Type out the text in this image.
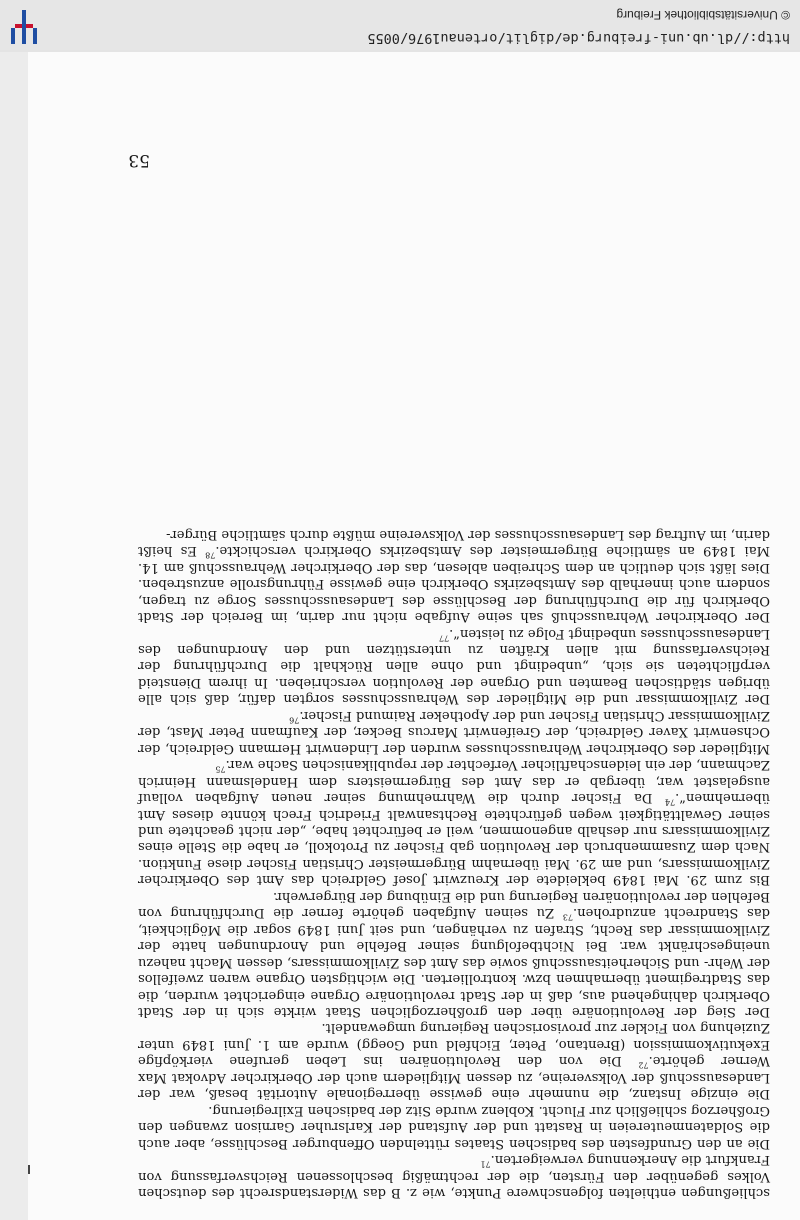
http://dl.ub.uni-freiburg.de/diglit/ortenau1976/0055
© Universitätsbibliothek Freiburg
53

schließungen enthielten folgenschwere Punkte, wie z. B das Widerstandsrecht des deutschen Volkes gegenüber den Fürsten, die der rechtmäßig beschlossenen Reichsverfassung von Frankfurt die Anerkennung verweigerten.$^{71}$

Die an den Grundfesten des badischen Staates rüttelnden Offenburger Beschlüsse, aber auch die Soldatenmeutereien in Rastatt und der Aufstand der Karlsruher Garnison zwangen den Großherzog schließlich zur Flucht. Koblenz wurde Sitz der badischen Exilregierung.

Die einzige Instanz, die nunmehr eine gewisse überregionale Autorität besaß, war der Landesausschuß der Volksvereine, zu dessen Mitgliedern auch der Oberkircher Advokat Max Werner gehörte.$^{72}$ Die von den Revolutionären ins Leben gerufene vierköpfige Exekutivkommission (Brentano, Peter, Eichfeld und Goegg) wurde am 1. Juni 1849 unter Zuziehung von Fickler zur provisorischen Regierung umgewandelt.

Der Sieg der Revolutionäre über den großherzoglichen Staat wirkte sich in der Stadt Oberkirch dahingehend aus, daß in der Stadt revolutionäre Organe eingerichtet wurden, die das Stadtregiment übernahmen bzw. kontrollierten. Die wichtigsten Organe waren zweifellos der Wehr- und Sicherheitsausschuß sowie das Amt des Zivilkommissars, dessen Macht nahezu uneingeschränkt war. Bei Nichtbefolgung seiner Befehle und Anordnungen hatte der Zivilkommissar das Recht, Strafen zu verhängen, und seit Juni 1849 sogar die Möglichkeit, das Standrecht anzudrohen.$^{73}$ Zu seinen Aufgaben gehörte ferner die Durchführung von Befehlen der revolutionären Regierung und die Einübung der Bürgerwehr.

Bis zum 29. Mai 1849 bekleidete der Kreuzwirt Josef Geldreich das Amt des Oberkircher Zivilkommissars, und am 29. Mai übernahm Bürgermeister Christian Fischer diese Funktion. Nach dem Zusammenbruch der Revolution gab Fischer zu Protokoll, er habe die Stelle eines Zivilkommissars nur deshalb angenommen, weil er befürchtet habe, „der nicht geachtete und seiner Gewalttätigkeit wegen gefürchtete Rechtsanwalt Friedrich Frech könnte dieses Amt übernehmen“.$^{74}$ Da Fischer durch die Wahrnehmung seiner neuen Aufgaben vollauf ausgelastet war, übergab er das Amt des Bürgermeisters dem Handelsmann Heinrich Zachmann, der ein leidenschaftlicher Verfechter der republikanischen Sache war.$^{75}$

Mitglieder des Oberkircher Wehrausschusses wurden der Lindenwirt Hermann Geldreich, der Ochsenwirt Xaver Geldreich, der Greifenwirt Marcus Becker, der Kaufmann Peter Mast, der Zivilkommissar Christian Fischer und der Apotheker Raimund Fischer.$^{76}$

Der Zivilkommissar und die Mitglieder des Wehrausschusses sorgten dafür, daß sich alle übrigen städtischen Beamten und Organe der Revolution verschrieben. In ihrem Diensteid verpflichteten sie sich, „unbedingt und ohne allen Rückhalt die Durchführung der Reichsverfassung mit allen Kräften zu unterstützen und den Anordnungen des Landesausschusses unbedingt Folge zu leisten“.$^{77}$

Der Oberkircher Wehrausschuß sah seine Aufgabe nicht nur darin, im Bereich der Stadt Oberkirch für die Durchführung der Beschlüsse des Landesausschusses Sorge zu tragen, sondern auch innerhalb des Amtsbezirks Oberkirch eine gewisse Führungsrolle anzustreben. Dies läßt sich deutlich an dem Schreiben ablesen, das der Oberkircher Wehrausschuß am 14. Mai 1849 an sämtliche Bürgermeister des Amtsbezirks Oberkirch verschickte.$^{78}$ Es heißt darin, im Auftrag des Landesausschusses der Volksvereine müßte durch sämtliche Bürger-
